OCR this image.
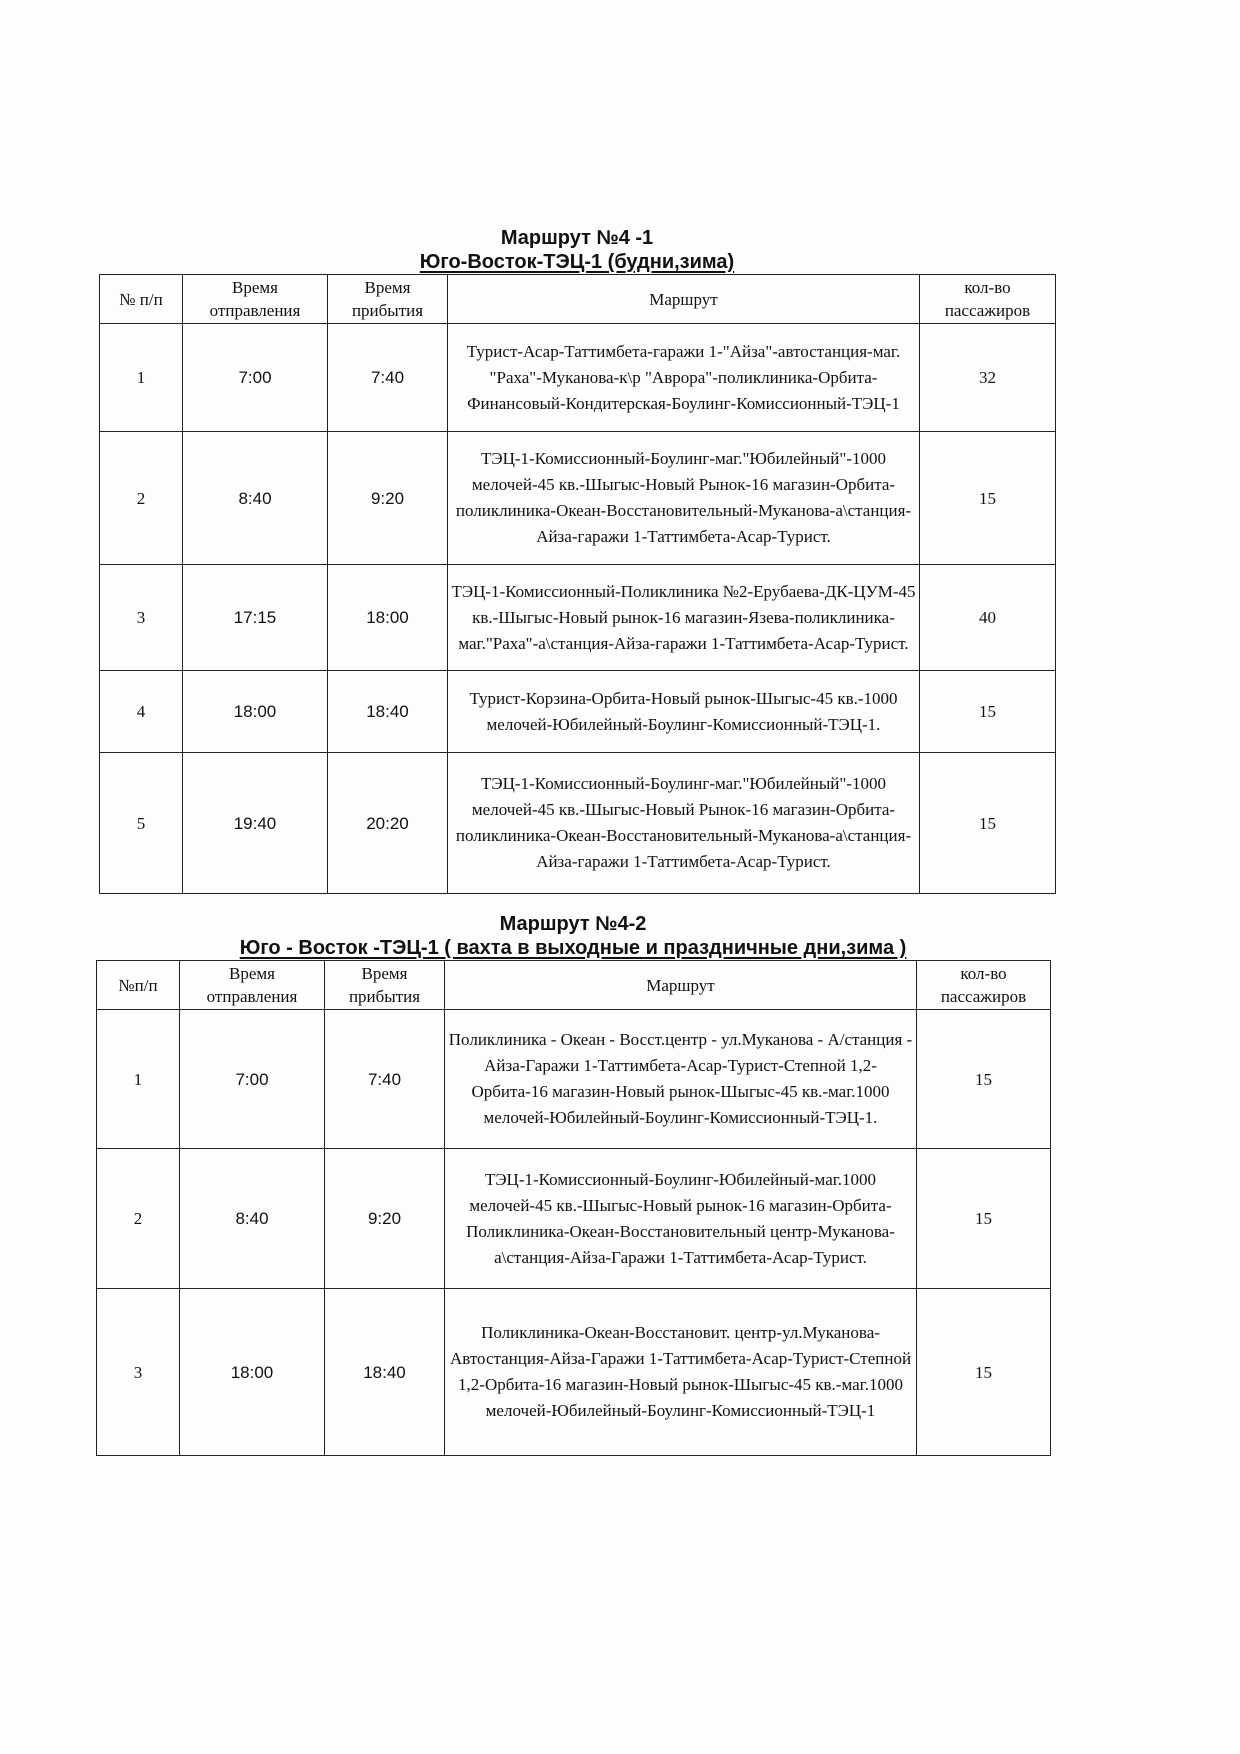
Маршрут №4 -1
Юго-Восток-ТЭЦ-1 (будни,зима)
№ п/п	Время отправления	Время прибытия	Маршрут	кол-во пассажиров
1	7:00	7:40	Турист-Асар-Таттимбета-гаражи 1-"Айза"-автостанция-маг. "Раха"-Муканова-к\р "Аврора"-поликлиника-Орбита-Финансовый-Кондитерская-Боулинг-Комиссионный-ТЭЦ-1	32
2	8:40	9:20	ТЭЦ-1-Комиссионный-Боулинг-маг."Юбилейный"-1000 мелочей-45 кв.-Шыгыс-Новый Рынок-16 магазин-Орбита-поликлиника-Океан-Восстановительный-Муканова-а\станция-Айза-гаражи 1-Таттимбета-Асар-Турист.	15
3	17:15	18:00	ТЭЦ-1-Комиссионный-Поликлиника №2-Ерубаева-ДК-ЦУМ-45 кв.-Шыгыс-Новый рынок-16 магазин-Язева-поликлиника-маг."Раха"-а\станция-Айза-гаражи 1-Таттимбета-Асар-Турист.	40
4	18:00	18:40	Турист-Корзина-Орбита-Новый рынок-Шыгыс-45 кв.-1000 мелочей-Юбилейный-Боулинг-Комиссионный-ТЭЦ-1.	15
5	19:40	20:20	ТЭЦ-1-Комиссионный-Боулинг-маг."Юбилейный"-1000 мелочей-45 кв.-Шыгыс-Новый Рынок-16 магазин-Орбита-поликлиника-Океан-Восстановительный-Муканова-а\станция-Айза-гаражи 1-Таттимбета-Асар-Турист.	15
Маршрут №4-2
Юго - Восток -ТЭЦ-1 ( вахта в выходные и праздничные дни,зима )
№п/п	Время отправления	Время прибытия	Маршрут	кол-во пассажиров
1	7:00	7:40	Поликлиника - Океан - Восст.центр - ул.Муканова - А/станция - Айза-Гаражи 1-Таттимбета-Асар-Турист-Степной 1,2-Орбита-16 магазин-Новый рынок-Шыгыс-45 кв.-маг.1000 мелочей-Юбилейный-Боулинг-Комиссионный-ТЭЦ-1.	15
2	8:40	9:20	ТЭЦ-1-Комиссионный-Боулинг-Юбилейный-маг.1000 мелочей-45 кв.-Шыгыс-Новый рынок-16 магазин-Орбита-Поликлиника-Океан-Восстановительный центр-Муканова-а\станция-Айза-Гаражи 1-Таттимбета-Асар-Турист.	15
3	18:00	18:40	Поликлиника-Океан-Восстановит. центр-ул.Муканова-Автостанция-Айза-Гаражи 1-Таттимбета-Асар-Турист-Степной 1,2-Орбита-16 магазин-Новый рынок-Шыгыс-45 кв.-маг.1000 мелочей-Юбилейный-Боулинг-Комиссионный-ТЭЦ-1	15
